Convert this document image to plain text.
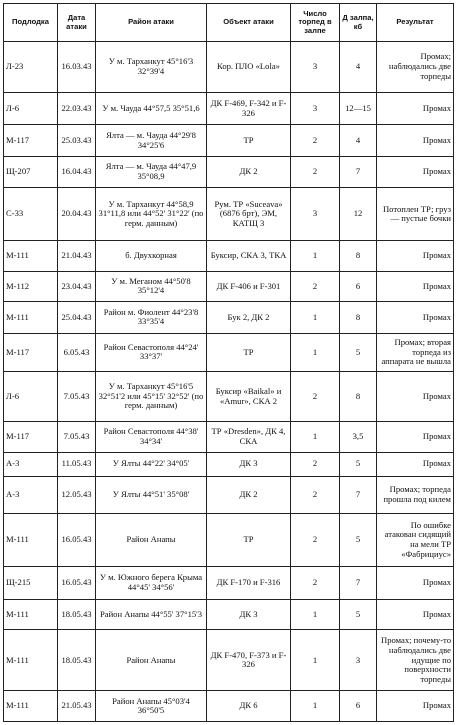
Подлодка	Дата атаки	Район атаки	Объект атаки	Число торпед в залпе	Д залпа, кб	Результат
Л-23	16.03.43	У м. Тарханкут 45°16'3 32°39'4	Кор. ПЛО «Lola»	3	4	Промах; наблюдались две торпеды
Л-6	22.03.43	У м. Чауда 44°57,5 35°51,6	ДК F-469, F-342 и F-326	3	12—15	Промах
М-117	25.03.43	Ялта — м. Чауда 44°29'8 34°25'6	ТР	2	4	Промах
Щ-207	16.04.43	Ялта — м. Чауда 44°47,9 35°08,9	ДК 2	2	7	Промах
С-33	20.04.43	У м. Тарханкут 44°58,9 31°11,8 или 44°52' 31°22' (по герм. данным)	Рум. ТР «Suceava» (6876 брт), ЭМ, КАТЩ 3	3	12	Потоплен ТР; груз — пустые бочки
М-111	21.04.43	б. Двухкорная	Буксир, СКА 3, ТКА	1	8	Промах
М-112	23.04.43	У м. Меганом 44°50'8 35°12'4	ДК F-406 и F-301	2	6	Промах
М-111	25.04.43	Район м. Фиолент 44°23'8 33°35'4	Бук 2, ДК 2	1	8	Промах
М-117	6.05.43	Район Севастополя 44°24' 33°37'	ТР	1	5	Промах; вторая торпеда из аппарата не вышла
Л-6	7.05.43	У м. Тарханкут 45°16'5 32°51'2 или 45°15' 32°52' (по герм. данным)	Буксир «Baikal» и «Amur», СКА 2	2	8	Промах
М-117	7.05.43	Район Севастополя 44°38' 34°34'	ТР «Dresden», ДК 4, СКА	1	3,5	Промах
А-3	11.05.43	У Ялты 44°22' 34°05'	ДК 3	2	5	Промах
А-3	12.05.43	У Ялты 44°51' 35°08'	ДК 2	2	7	Промах; торпеда прошла под килем
М-111	16.05.43	Район Анапы	ТР	2	5	По ошибке атакован сидящий на мели ТР «Фабрициус»
Щ-215	16.05.43	У м. Южного берега Крыма 44°45' 34°56'	ДК F-170 и F-316	2	7	Промах
М-111	18.05.43	Район Анапы 44°55' 37°15'3	ДК 3	1	5	Промах
М-111	18.05.43	Район Анапы	ДК F-470, F-373 и F-326	1	3	Промах; почему-то наблюдались две идущие по поверхности торпеды
М-111	21.05.43	Район Анапы 45°03'4 36°50'5	ДК 6	1	6	Промах
